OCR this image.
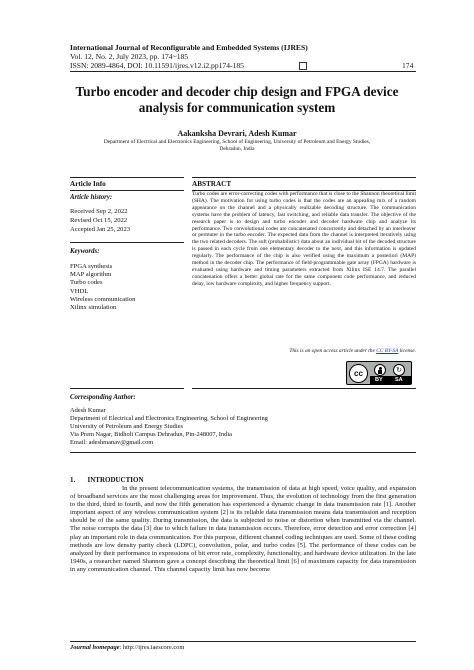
International Journal of Reconfigurable and Embedded Systems (IJRES)
Vol. 12, No. 2, July 2023, pp. 174~185
ISSN: 2089-4864, DOI: 10.11591/ijres.v12.i2.pp174-185	174
Turbo encoder and decoder chip design and FPGA device
analysis for communication system
Aakanksha Devrari, Adesh Kumar
Department of Electrical and Electronics Engineering, School of Engineering, University of Petroleum and Energy Studies,
Dehradun, India
Article Info
Article history:
Received Sep 2, 2022
Revised Oct 15, 2022
Accepted Jan 25, 2023
Keywords:
FPGA synthesis
MAP algorithm
Turbo codes
VHDL
Wireless communication
Xilinx simulation
ABSTRACT
Turbo codes are error-correcting codes with performance that is close to the Shannon theoretical limit (SHA). The motivation for using turbo codes is that the codes are an appealing mix of a random appearance on the channel and a physically realizable decoding structure. The communication systems have the problem of latency, fast switching, and reliable data transfer. The objective of the research paper is to design and turbo encoder and decoder hardware chip and analyze its performance. Two convolutional codes are concatenated concurrently and detached by an interleaver or permuter in the turbo encoder. The expected data from the channel is interpreted iteratively using the two related decoders. The soft (probabilistic) data about an individual bit of the decoded structure is passed in each cycle from one elementary decoder to the next, and this information is updated regularly. The performance of the chip is also verified using the maximum a posteriori (MAP) method in the decoder chip. The performance of field-programmable gate array (FPGA) hardware is evaluated using hardware and timing parameters extracted from Xilinx ISE 14.7. The parallel concatenation offers a better global rate for the same component code performance, and reduced delay, low hardware complexity, and higher frequency support.
This is an open access article under the CC BY-SA license.
cc	↻
BY SA
Corresponding Author:
Adesh Kumar
Department of Electrical and Electronics Engineering, School of Engineering
University of Petroleum and Energy Studies
Via Prem Nagar, Bidholi Campus Dehradun, Pin-248007, India
Email: adeshmanav@gmail.com
1.       INTRODUCTION
In the present telecommunication systems, the transmission of data at high speed, voice quality, and expansion of broadband services are the most challenging areas for improvement. Thus, the evolution of technology from the first generation to the third, third to fourth, and now the fifth generation has experienced a dynamic change in data transmission rate [1]. Another important aspect of any wireless communication system [2] is its reliable data transmission means data transmission and reception should be of the same quality. During transmission, the data is subjected to noise or distortion when transmitted via the channel. The noise corrupts the data [3] due to which failure in data transmission occurs. Therefore, error detection and error correction [4] play an important role in data communication. For this purpose, different channel coding techniques are used. Some of these coding methods are low density parity check (LDPC), convolution, polar, and turbo codes [5]. The performance of these codes can be analyzed by their performance in expressions of bit error rate, complexity, functionality, and hardware device utilization. In the late 1940s, a researcher named Shannon gave a concept describing the theoretical limit [6] of maximum capacity for data transmission in any communication channel. This channel capacity limit has now become
Journal homepage: http://ijres.iaescore.com
